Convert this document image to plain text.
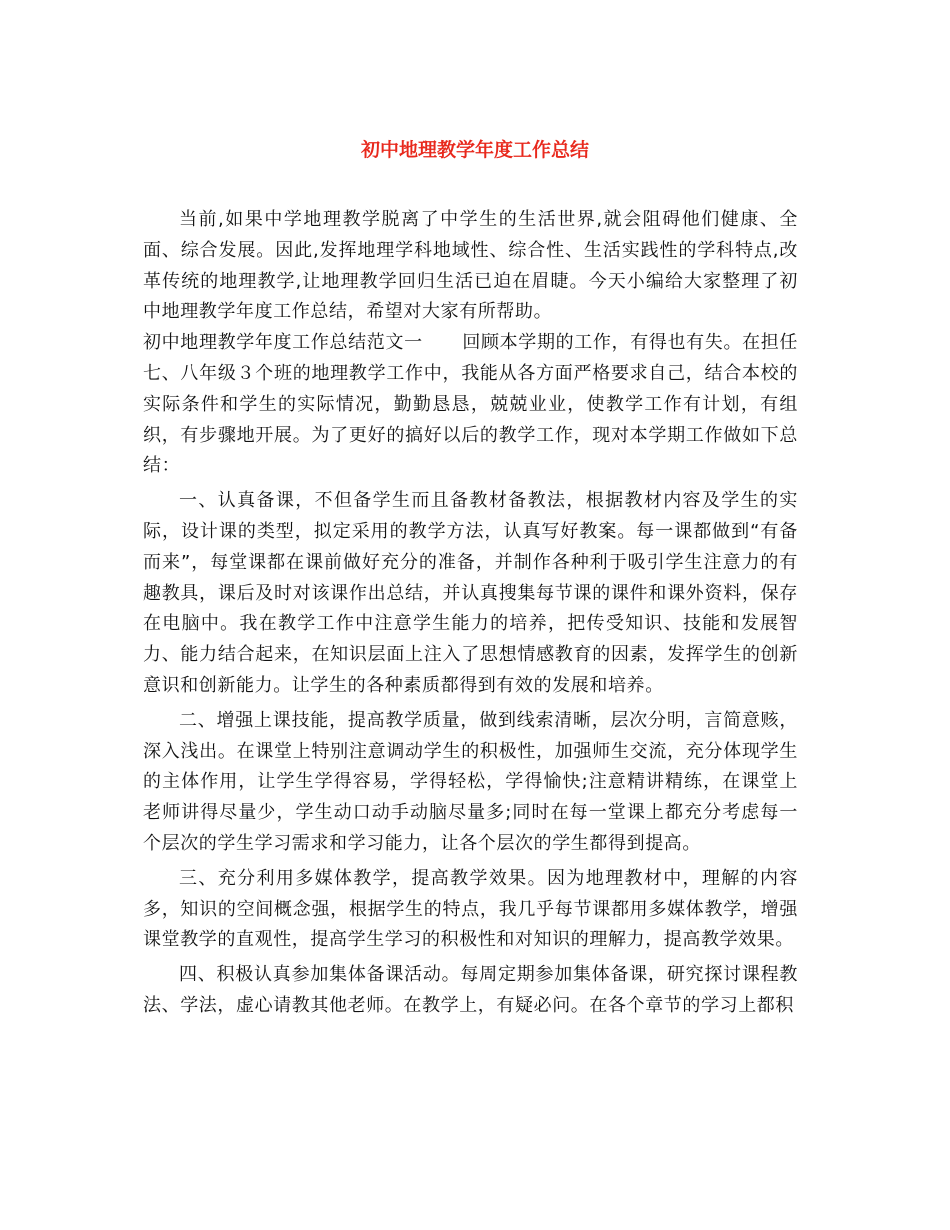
初中地理教学年度工作总结

当前,如果中学地理教学脱离了中学生的生活世界,就会阻碍他们健康、全面、综合发展。因此,发挥地理学科地域性、综合性、生活实践性的学科特点,改革传统的地理教学,让地理教学回归生活已迫在眉睫。今天小编给大家整理了初中地理教学年度工作总结，希望对大家有所帮助。

初中地理教学年度工作总结范文一 回顾本学期的工作，有得也有失。在担任七、八年级３个班的地理教学工作中，我能从各方面严格要求自己，结合本校的实际条件和学生的实际情况，勤勤恳恳，兢兢业业，使教学工作有计划，有组织，有步骤地开展。为了更好的搞好以后的教学工作，现对本学期工作做如下总结：

一、认真备课，不但备学生而且备教材备教法，根据教材内容及学生的实际，设计课的类型，拟定采用的教学方法，认真写好教案。每一课都做到“有备而来”，每堂课都在课前做好充分的准备，并制作各种利于吸引学生注意力的有趣教具，课后及时对该课作出总结，并认真搜集每节课的课件和课外资料，保存在电脑中。我在教学工作中注意学生能力的培养，把传受知识、技能和发展智力、能力结合起来，在知识层面上注入了思想情感教育的因素，发挥学生的创新意识和创新能力。让学生的各种素质都得到有效的发展和培养。

二、增强上课技能，提高教学质量，做到线索清晰，层次分明，言简意赅，深入浅出。在课堂上特别注意调动学生的积极性，加强师生交流，充分体现学生的主体作用，让学生学得容易，学得轻松，学得愉快;注意精讲精练，在课堂上老师讲得尽量少，学生动口动手动脑尽量多;同时在每一堂课上都充分考虑每一个层次的学生学习需求和学习能力，让各个层次的学生都得到提高。

三、充分利用多媒体教学，提高教学效果。因为地理教材中，理解的内容多，知识的空间概念强，根据学生的特点，我几乎每节课都用多媒体教学，增强课堂教学的直观性，提高学生学习的积极性和对知识的理解力，提高教学效果。

四、积极认真参加集体备课活动。每周定期参加集体备课，研究探讨课程教法、学法，虚心请教其他老师。在教学上，有疑必问。在各个章节的学习上都积
